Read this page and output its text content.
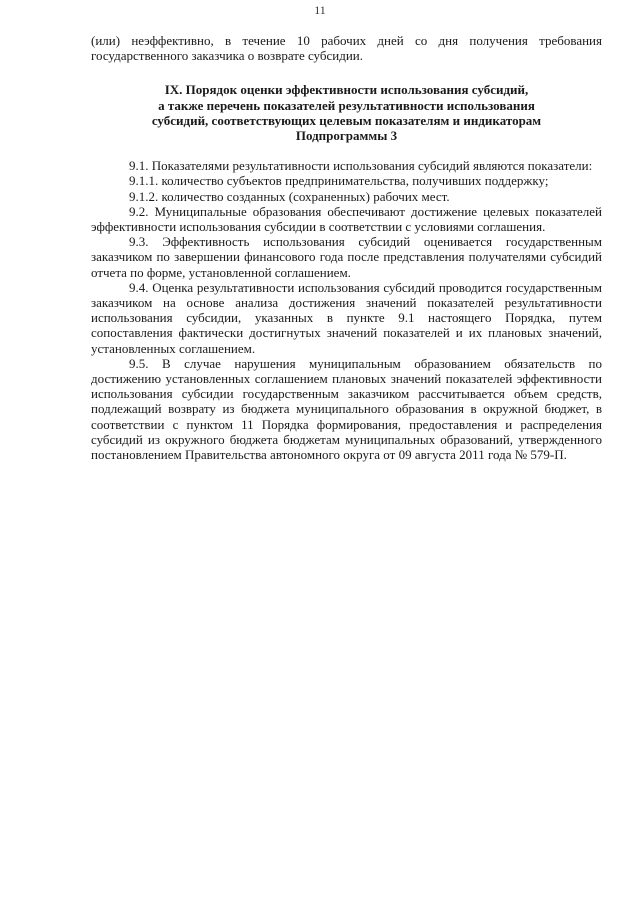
11

(или) неэффективно, в течение 10 рабочих дней со дня получения требования государственного заказчика о возврате субсидии.

IX. Порядок оценки эффективности использования субсидий,
а также перечень показателей результативности использования
субсидий, соответствующих целевым показателям и индикаторам
Подпрограммы 3

9.1. Показателями результативности использования субсидий являются показатели:

9.1.1. количество субъектов предпринимательства, получивших поддержку;

9.1.2. количество созданных (сохраненных) рабочих мест.

9.2. Муниципальные образования обеспечивают достижение целевых показателей эффективности использования субсидии в соответствии с условиями соглашения.

9.3. Эффективность использования субсидий оценивается государственным заказчиком по завершении финансового года после представления получателями субсидий отчета по форме, установленной соглашением.

9.4. Оценка результативности использования субсидий проводится государственным заказчиком на основе анализа достижения значений показателей результативности использования субсидии, указанных в пункте 9.1 настоящего Порядка, путем сопоставления фактически достигнутых значений показателей и их плановых значений, установленных соглашением.

9.5. В случае нарушения муниципальным образованием обязательств по достижению установленных соглашением плановых значений показателей эффективности использования субсидии государственным заказчиком рассчитывается объем средств, подлежащий возврату из бюджета муниципального образования в окружной бюджет, в соответствии с пунктом 11 Порядка формирования, предоставления и распределения субсидий из окружного бюджета бюджетам муниципальных образований, утвержденного постановлением Правительства автономного округа от 09 августа 2011 года № 579-П.
